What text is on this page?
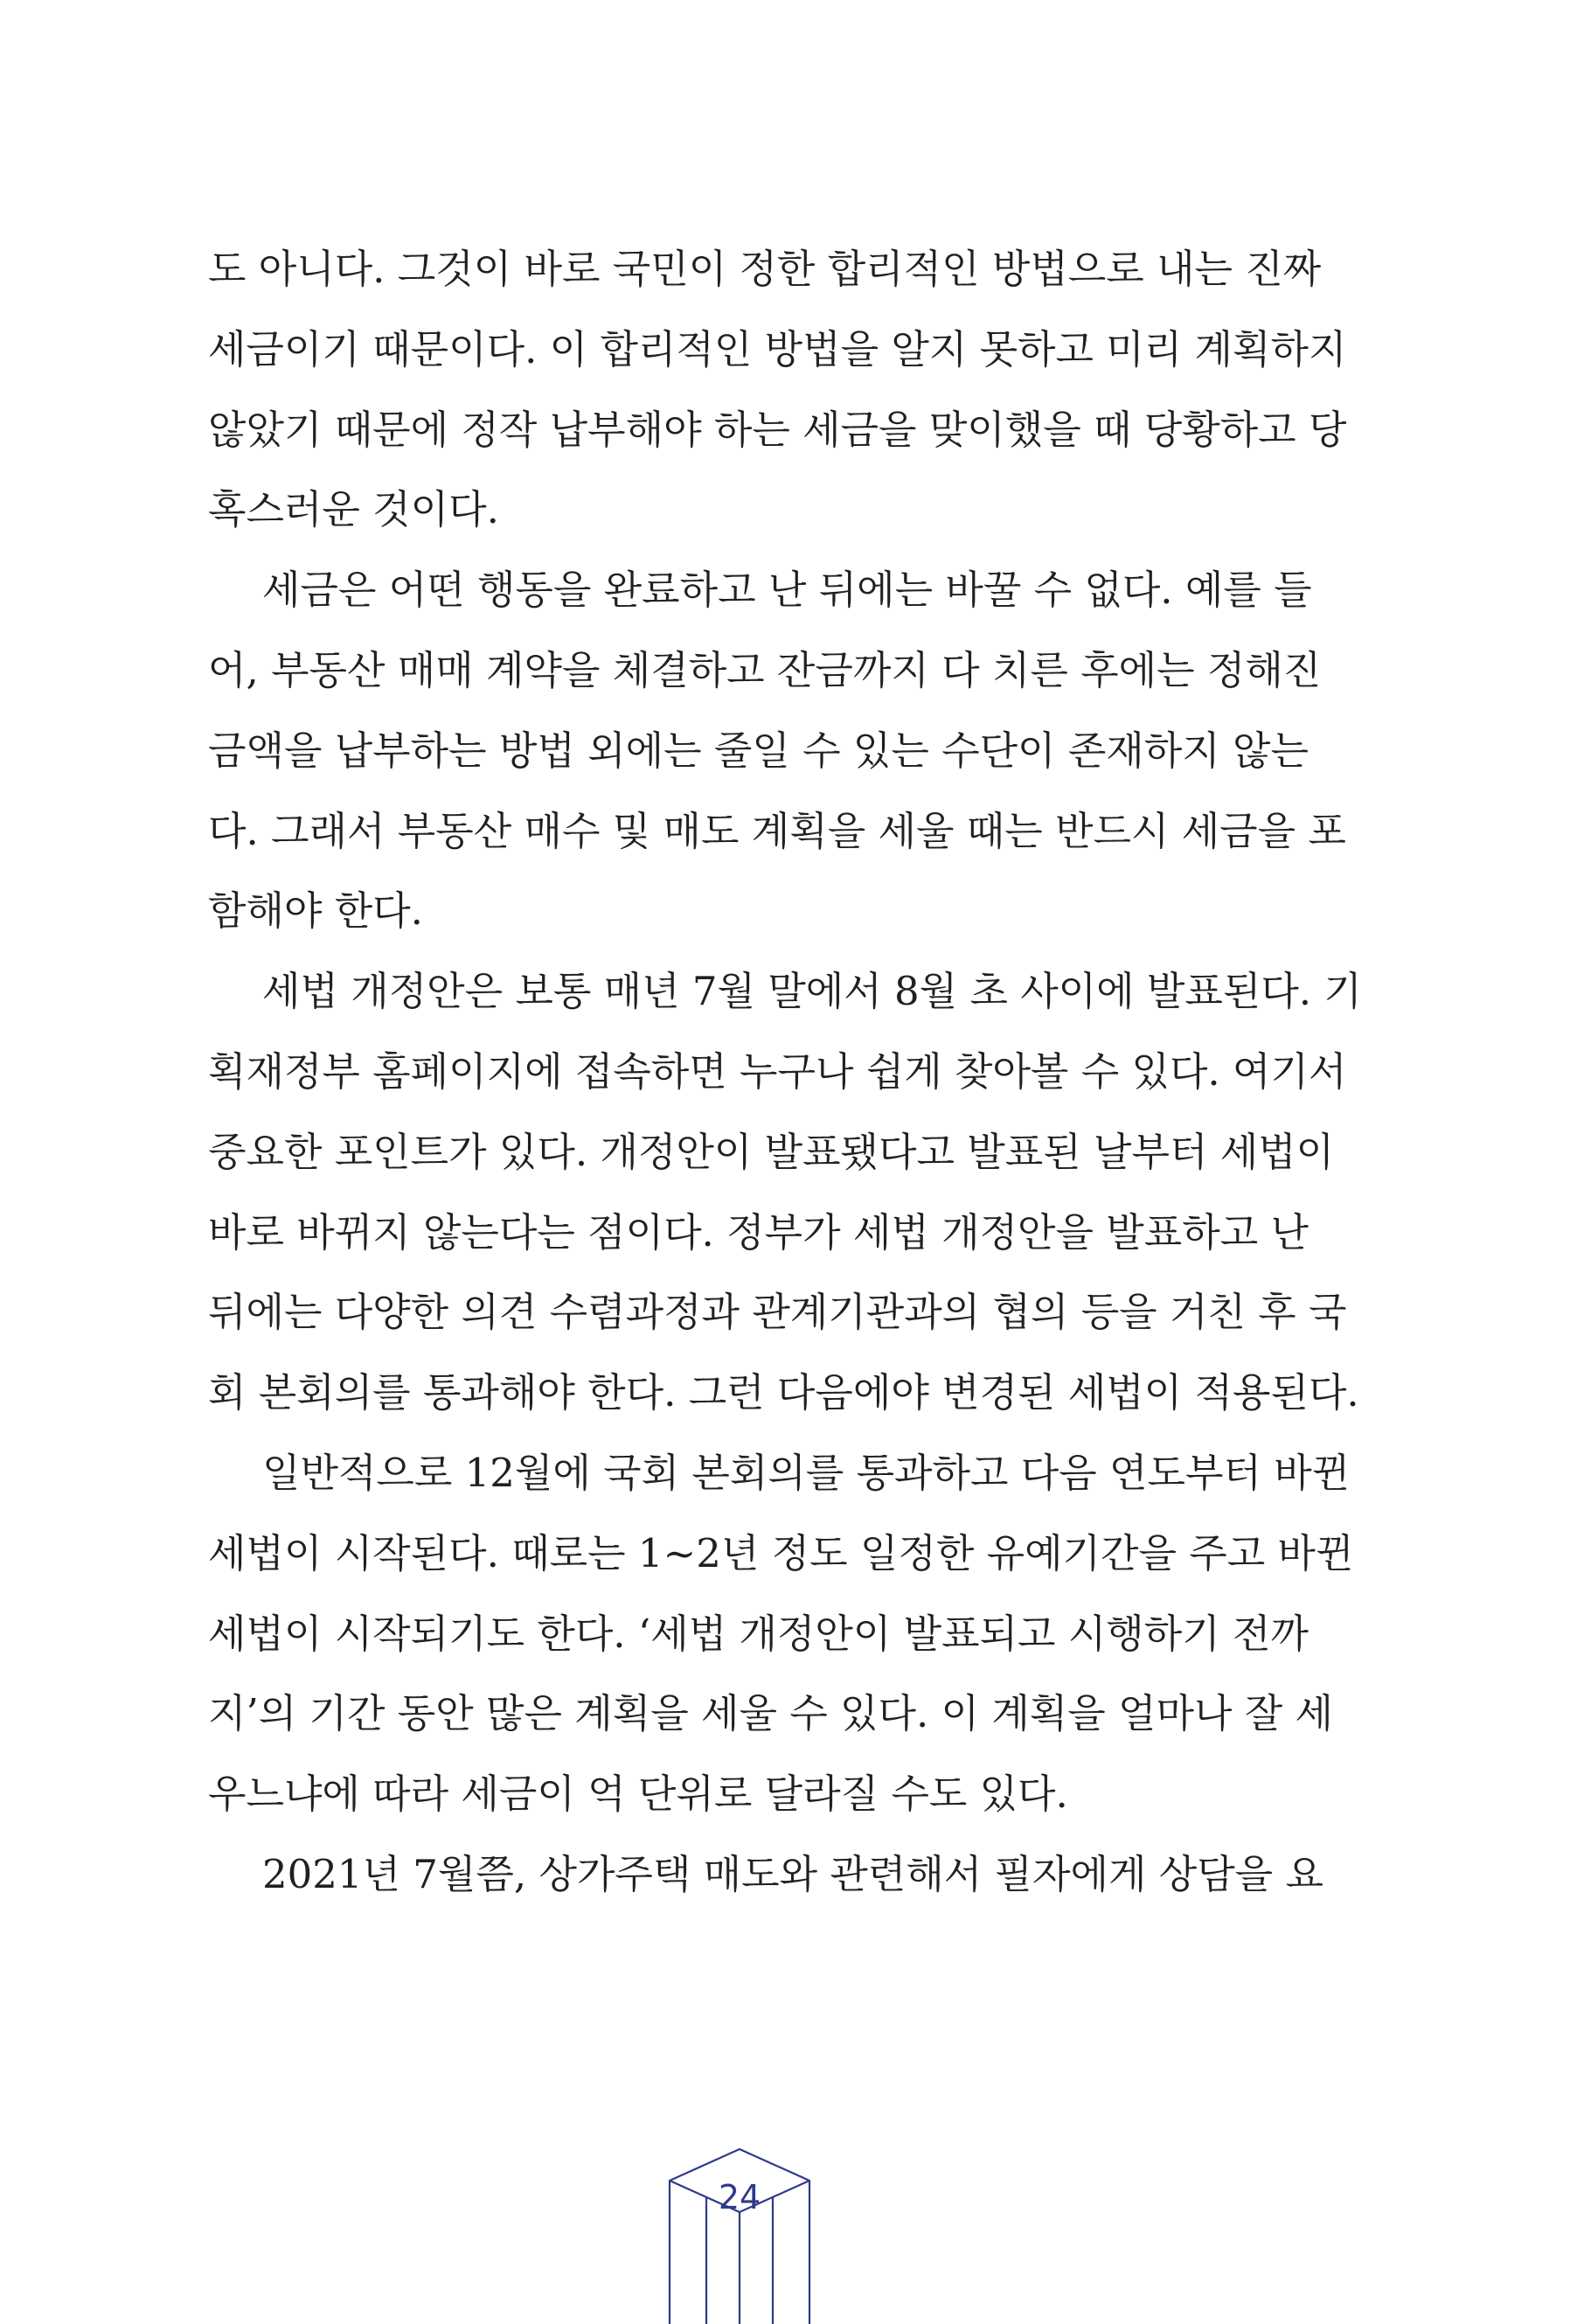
도 아니다. 그것이 바로 국민이 정한 합리적인 방법으로 내는 진짜
세금이기 때문이다. 이 합리적인 방법을 알지 못하고 미리 계획하지
않았기 때문에 정작 납부해야 하는 세금을 맞이했을 때 당황하고 당
혹스러운 것이다.
세금은 어떤 행동을 완료하고 난 뒤에는 바꿀 수 없다. 예를 들
어, 부동산 매매 계약을 체결하고 잔금까지 다 치른 후에는 정해진
금액을 납부하는 방법 외에는 줄일 수 있는 수단이 존재하지 않는
다. 그래서 부동산 매수 및 매도 계획을 세울 때는 반드시 세금을 포
함해야 한다.
세법 개정안은 보통 매년 7월 말에서 8월 초 사이에 발표된다. 기
획재정부 홈페이지에 접속하면 누구나 쉽게 찾아볼 수 있다. 여기서
중요한 포인트가 있다. 개정안이 발표됐다고 발표된 날부터 세법이
바로 바뀌지 않는다는 점이다. 정부가 세법 개정안을 발표하고 난
뒤에는 다양한 의견 수렴과정과 관계기관과의 협의 등을 거친 후 국
회 본회의를 통과해야 한다. 그런 다음에야 변경된 세법이 적용된다.
일반적으로 12월에 국회 본회의를 통과하고 다음 연도부터 바뀐
세법이 시작된다. 때로는 1~2년 정도 일정한 유예기간을 주고 바뀐
세법이 시작되기도 한다. ‘세법 개정안이 발표되고 시행하기 전까
지’의 기간 동안 많은 계획을 세울 수 있다. 이 계획을 얼마나 잘 세
우느냐에 따라 세금이 억 단위로 달라질 수도 있다.
2021년 7월쯤, 상가주택 매도와 관련해서 필자에게 상담을 요
24
